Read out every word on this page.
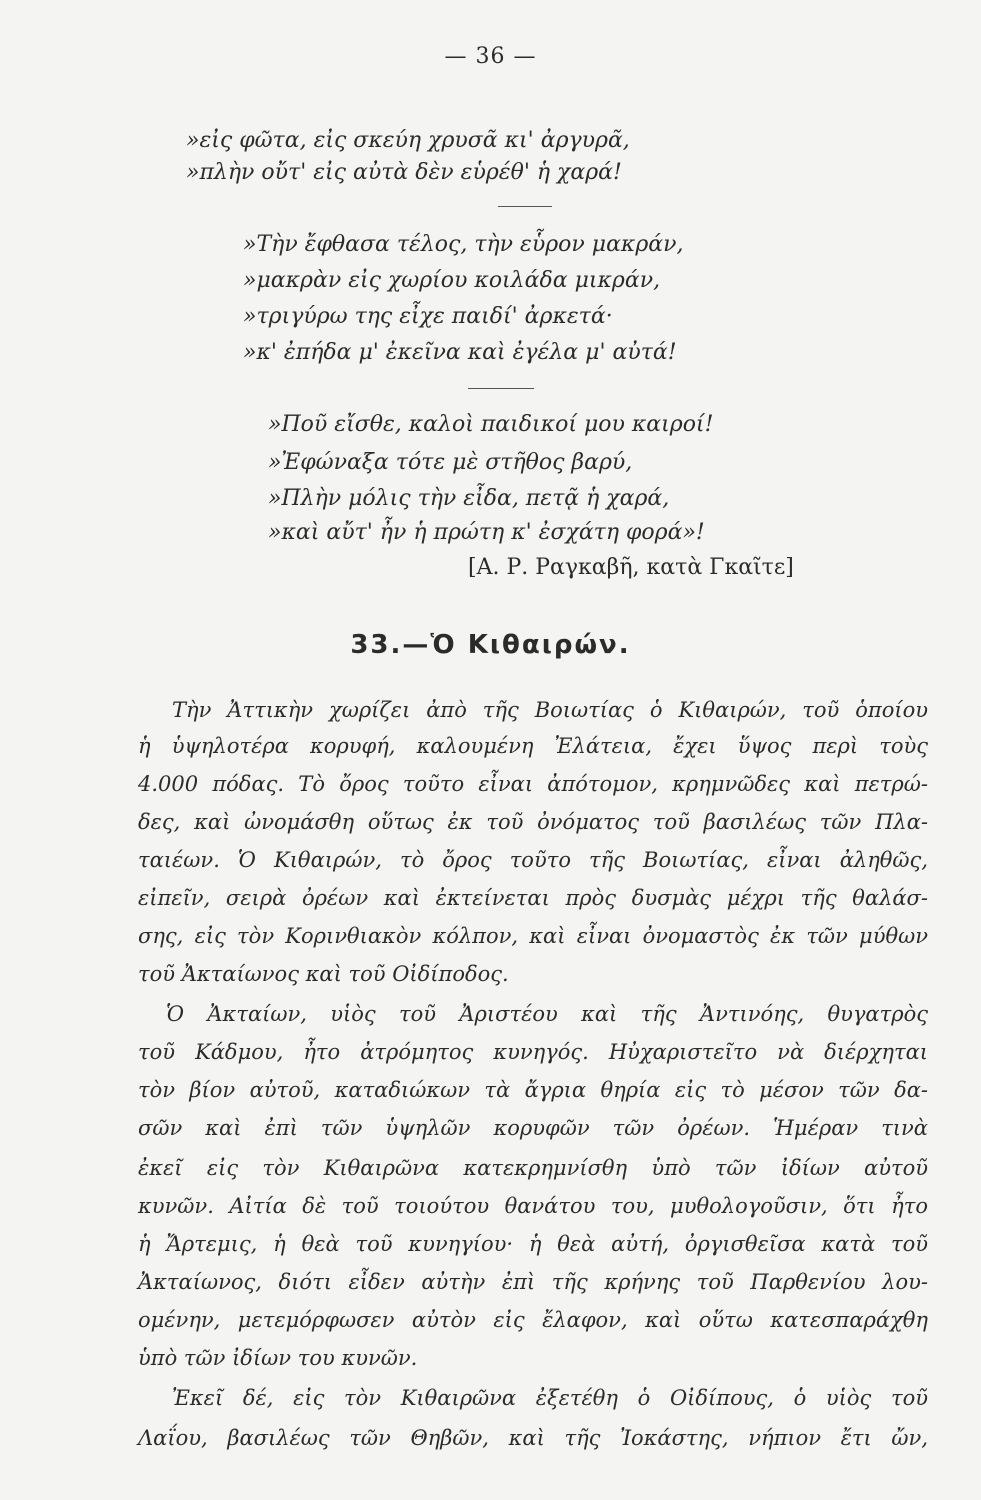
— 36 —
»εἰς φῶτα, εἰς σκεύη χρυσᾶ κι' ἀργυρᾶ,
»πλὴν οὔτ' εἰς αὐτὰ δὲν εὑρέθ' ἡ χαρά!
»Τὴν ἔφθασα τέλος, τὴν εὗρον μακράν,
»μακρὰν εἰς χωρίου κοιλάδα μικράν,
»τριγύρω της εἶχε παιδί' ἀρκετά·
»κ' ἐπήδα μ' ἐκεῖνα καὶ ἐγέλα μ' αὐτά!
»Ποῦ εἴσθε, καλοὶ παιδικοί μου καιροί!
»Ἐφώναξα τότε μὲ στῆθος βαρύ,
»Πλὴν μόλις τὴν εἶδα, πετᾷ ἡ χαρά,
»καὶ αὔτ' ἦν ἡ πρώτη κ' ἐσχάτη φορά»!
[Α. Ρ. Ραγκαβῆ, κατὰ Γκαῖτε]
33.—Ὁ Κιθαιρών.
Τὴν Ἀττικὴν χωρίζει ἀπὸ τῆς Βοιωτίας ὁ Κιθαιρών, τοῦ ὁποίου
ἡ ὑψηλοτέρα κορυφή, καλουμένη Ἐλάτεια, ἔχει ὕψος περὶ τοὺς
4.000 πόδας. Τὸ ὄρος τοῦτο εἶναι ἀπότομον, κρημνῶδες καὶ πετρώ-
δες, καὶ ὠνομάσθη οὕτως ἐκ τοῦ ὀνόματος τοῦ βασιλέως τῶν Πλα-
ταιέων. Ὁ Κιθαιρών, τὸ ὄρος τοῦτο τῆς Βοιωτίας, εἶναι ἀληθῶς,
εἰπεῖν, σειρὰ ὀρέων καὶ ἐκτείνεται πρὸς δυσμὰς μέχρι τῆς θαλάσ-
σης, εἰς τὸν Κορινθιακὸν κόλπον, καὶ εἶναι ὀνομαστὸς ἐκ τῶν μύθων
τοῦ Ἀκταίωνος καὶ τοῦ Οἰδίποδος.
Ὁ Ἀκταίων, υἱὸς τοῦ Ἀριστέου καὶ τῆς Ἀντινόης, θυγατρὸς
τοῦ Κάδμου, ἦτο ἀτρόμητος κυνηγός. Ηὐχαριστεῖτο νὰ διέρχηται
τὸν βίον αὐτοῦ, καταδιώκων τὰ ἄγρια θηρία εἰς τὸ μέσον τῶν δα-
σῶν καὶ ἐπὶ τῶν ὑψηλῶν κορυφῶν τῶν ὀρέων. Ἡμέραν τινὰ
ἐκεῖ εἰς τὸν Κιθαιρῶνα κατεκρημνίσθη ὑπὸ τῶν ἰδίων αὐτοῦ
κυνῶν. Αἰτία δὲ τοῦ τοιούτου θανάτου του, μυθολογοῦσιν, ὅτι ἦτο
ἡ Ἄρτεμις, ἡ θεὰ τοῦ κυνηγίου· ἡ θεὰ αὐτή, ὀργισθεῖσα κατὰ τοῦ
Ἀκταίωνος, διότι εἶδεν αὐτὴν ἐπὶ τῆς κρήνης τοῦ Παρθενίου λου-
ομένην, μετεμόρφωσεν αὐτὸν εἰς ἔλαφον, καὶ οὕτω κατεσπαράχθη
ὑπὸ τῶν ἰδίων του κυνῶν.
Ἐκεῖ δέ, εἰς τὸν Κιθαιρῶνα ἐξετέθη ὁ Οἰδίπους, ὁ υἱὸς τοῦ
Λαΐου, βασιλέως τῶν Θηβῶν, καὶ τῆς Ἰοκάστης, νήπιον ἔτι ὤν,
